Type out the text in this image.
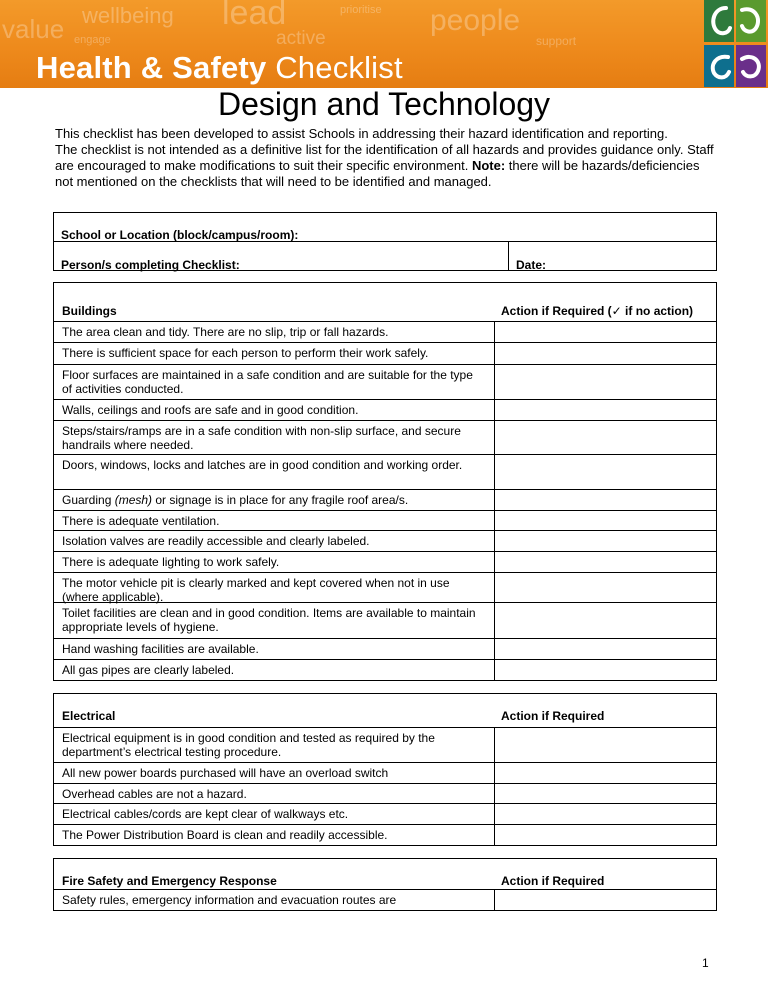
value wellbeing lead	prioritise people
engage	active	support
Health & Safety Checklist
Design and Technology

This checklist has been developed to assist Schools in addressing their hazard identification and reporting.

The checklist is not intended as a definitive list for the identification of all hazards and provides guidance only. Staff are encouraged to make modifications to suit their specific environment. Note: there will be hazards/deficiencies not mentioned on the checklists that will need to be identified and managed.

School or Location (block/campus/room):
Person/s completing Checklist:	Date:
Buildings	Action if Required (✓ if no action)
The area clean and tidy. There are no slip, trip or fall hazards.
There is sufficient space for each person to perform their work safely.
Floor surfaces are maintained in a safe condition and are suitable for the type of activities conducted.
Walls, ceilings and roofs are safe and in good condition.
Steps/stairs/ramps are in a safe condition with non-slip surface, and secure handrails where needed.
Doors, windows, locks and latches are in good condition and working order.
Guarding (mesh) or signage is in place for any fragile roof area/s.
There is adequate ventilation.
Isolation valves are readily accessible and clearly labeled.
There is adequate lighting to work safely.
The motor vehicle pit is clearly marked and kept covered when not in use (where applicable).
Toilet facilities are clean and in good condition. Items are available to maintain appropriate levels of hygiene.
Hand washing facilities are available.
All gas pipes are clearly labeled.
Electrical	Action if Required
Electrical equipment is in good condition and tested as required by the department’s electrical testing procedure.
All new power boards purchased will have an overload switch
Overhead cables are not a hazard.
Electrical cables/cords are kept clear of walkways etc.
The Power Distribution Board is clean and readily accessible.
Fire Safety and Emergency Response	Action if Required
Safety rules, emergency information and evacuation routes are
1
